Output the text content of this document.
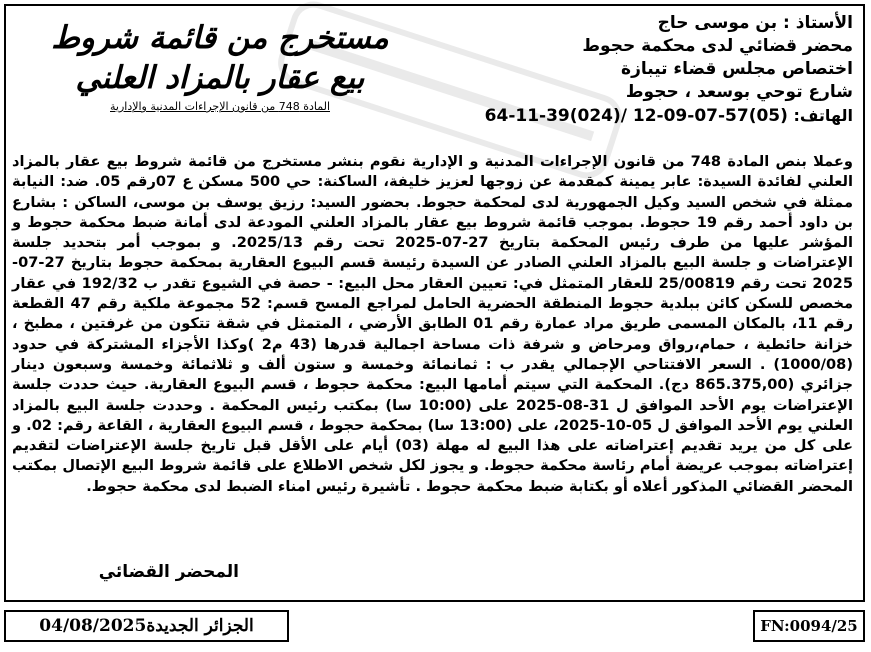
الأستاذ : بن موسى حاج
محضر قضائي لدى محكمة حجوط
اختصاص مجلس قضاء تيبازة
شارع توحي بوسعد ، حجوط
الهاتف: 64-11-39(024)/ 12-09-07-57(05)
مستخرج من قائمة شروط
بيع عقار بالمزاد العلني
المادة 748 من قانون الإجراءات المدنية والإدارية
وعملا بنص المادة 748 من قانون الإجراءات المدنية و الإدارية نقوم بنشر مستخرج من قائمة شروط بيع عقار بالمزاد العلني لفائدة السيدة: عابر يمينة كمقدمة عن زوجها لعزيز خليفة، الساكنة: حي 500 مسكن ع 07رقم 05. ضد: النيابة ممثلة في شخص السيد وكيل الجمهورية لدى لمحكمة حجوط. بحضور السيد: رزيق يوسف بن موسى، الساكن : بشارع بن داود أحمد رقم 19 حجوط. بموجب قائمة شروط بيع عقار بالمزاد العلني المودعة لدى أمانة ضبط محكمة حجوط و المؤشر عليها من طرف رئيس المحكمة بتاريخ 27-07-2025 تحت رقم 2025/13. و بموجب أمر بتحديد جلسة الإعتراضات و جلسة البيع بالمزاد العلني الصادر عن السيدة رئيسة قسم البيوع العقارية بمحكمة حجوط بتاريخ 27-07-2025 تحت رقم 25/00819 للعقار المتمثل في: تعيين العقار محل البيع: - حصة في الشيوع تقدر ب 192/32 في عقار مخصص للسكن كائن ببلدية حجوط المنطقة الحضرية الحامل لمراجع المسح قسم: 52 مجموعة ملكية رقم 47 القطعة رقم 11، بالمكان المسمى طريق مراد عمارة رقم 01 الطابق الأرضي ، المتمثل في شقة تتكون من غرفتين ، مطبخ ، خزانة حائطية ، حمام،رواق ومرحاض و شرفة ذات مساحة اجمالية قدرها (43 م2 )وكذا الأجزاء المشتركة في حدود (1000/08) . السعر الافتتاحي الإجمالي يقدر ب : ثمانمائة وخمسة و ستون ألف و ثلاثمائة وخمسة وسبعون دينار جزائري (865.375,00 دج). المحكمة التي سيتم أمامها البيع: محكمة حجوط ، قسم البيوع العقارية. حيث حددت جلسة الإعتراضات يوم الأحد الموافق ل 31-08-2025 على (10:00 سا) بمكتب رئيس المحكمة . وحددت جلسة البيع بالمزاد العلني يوم الأحد الموافق ل 05-10-2025، على (13:00 سا) بمحكمة حجوط ، قسم البيوع العقارية ، القاعة رقم: 02. و على كل من يريد تقديم إعتراضاته على هذا البيع له مهلة (03) أيام على الأقل قبل تاريخ جلسة الإعتراضات لتقديم إعتراضاته بموجب عريضة أمام رئاسة محكمة حجوط. و يجوز لكل شخص الاطلاع على قائمة شروط البيع الإتصال بمكتب المحضر القضائي المذكور أعلاه أو بكتابة ضبط محكمة حجوط . تأشيرة رئيس امناء الضبط لدى محكمة حجوط.
المحضر القضائي
الجزائر الجديدة04/08/2025	FN:0094/25
